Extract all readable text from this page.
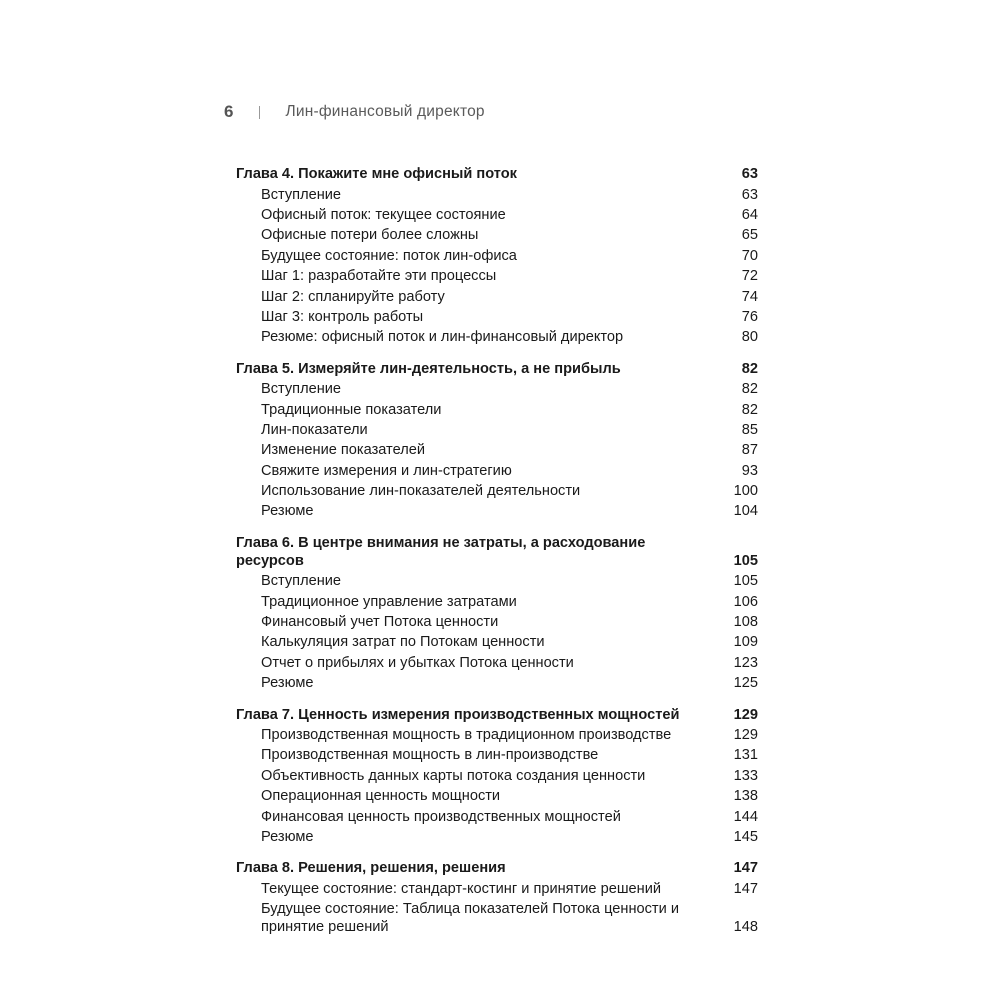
6	Лин-финансовый директор
Глава 4. Покажите мне офисный поток	63
Вступление	63
Офисный поток: текущее состояние	64
Офисные потери более сложны	65
Будущее состояние: поток лин-офиса	70
Шаг 1: разработайте эти процессы	72
Шаг 2: спланируйте работу	74
Шаг 3: контроль работы	76
Резюме: офисный поток и лин-финансовый директор	80
Глава 5. Измеряйте лин-деятельность, а не прибыль	82
Вступление	82
Традиционные показатели	82
Лин-показатели	85
Изменение показателей	87
Свяжите измерения и лин-стратегию	93
Использование лин-показателей деятельности	100
Резюме	104
Глава 6. В центре внимания не затраты, а расходование ресурсов	105
Вступление	105
Традиционное управление затратами	106
Финансовый учет Потока ценности	108
Калькуляция затрат по Потокам ценности	109
Отчет о прибылях и убытках Потока ценности	123
Резюме	125
Глава 7. Ценность измерения производственных мощностей	129
Производственная мощность в традиционном производстве	129
Производственная мощность в лин-производстве	131
Объективность данных карты потока создания ценности	133
Операционная ценность мощности	138
Финансовая ценность производственных мощностей	144
Резюме	145
Глава 8. Решения, решения, решения	147
Текущее состояние: стандарт-костинг и принятие решений	147
Будущее состояние: Таблица показателей Потока ценности и принятие решений	148
